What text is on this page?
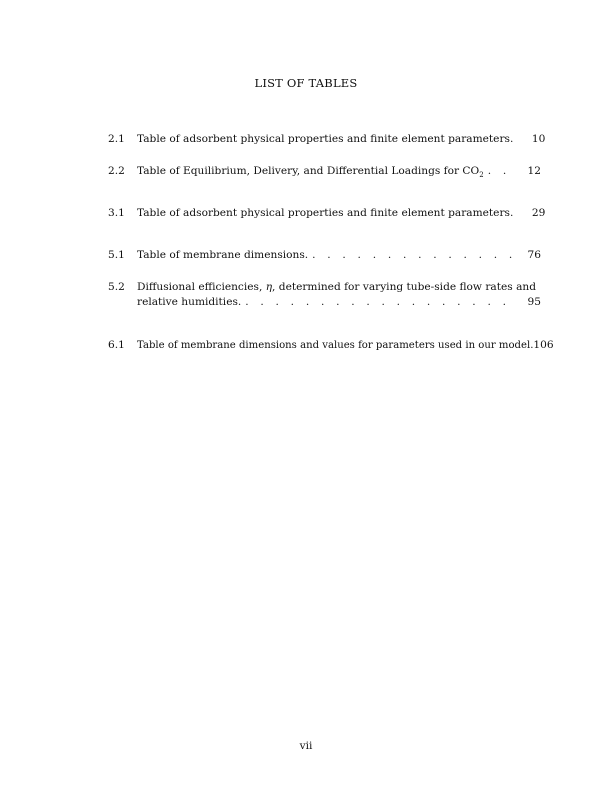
LIST OF TABLES
2.1 Table of adsorbent physical properties and finite element parameters. . . .	10
2.2 Table of Equilibrium, Delivery, and Differential Loadings for $CO_2$ . . .	12
3.1 Table of adsorbent physical properties and finite element parameters. . . .	29
5.1 Table of membrane dimensions. . . .	76
5.2 Diffusional efficiencies, η, determined for varying tube-side flow rates and
relative humidities. . . .	95
6.1 Table of membrane dimensions and values for parameters used in our model. 106
vii
